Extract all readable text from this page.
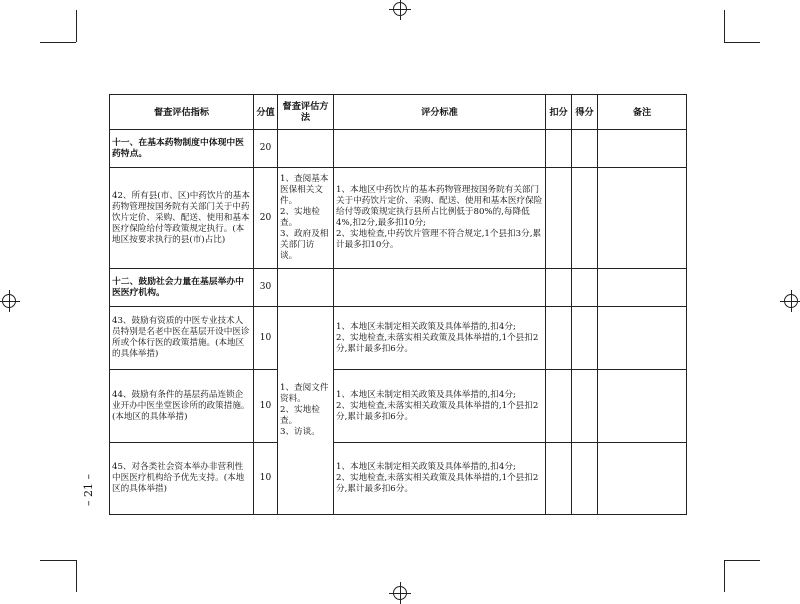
– 21 –
督查评估指标	分值	督查评估方法	评分标准	扣分	得分	备注
十一、在基本药物制度中体现中医药特点。	20					
42、所有县(市、区)中药饮片的基本药物管理按国务院有关部门关于中药饮片定价、采购、配送、使用和基本医疗保险给付等政策规定执行。(本地区按要求执行的县(市)占比)	20	1、查阅基本医保相关文件。
2、实地检查。
3、政府及相关部门访谈。	1、本地区中药饮片的基本药物管理按国务院有关部门关于中药饮片定价、采购、配送、使用和基本医疗保险给付等政策规定执行县所占比例低于80%的,每降低4%,扣2分,最多扣10分;
2、实地检查,中药饮片管理不符合规定,1个县扣3分,累计最多扣10分。			

十二、鼓励社会力量在基层举办中医医疗机构。	30					
43、鼓励有资质的中医专业技术人员特别是名老中医在基层开设中医诊所或个体行医的政策措施。(本地区的具体举措)	10	1、查阅文件资料。
2、实地检查。
3、访谈。	1、本地区未制定相关政策及具体举措的,扣4分;
2、实地检查,未落实相关政策及具体举措的,1个县扣2分,累计最多扣6分。			

44、鼓励有条件的基层药品连锁企业开办中医坐堂医诊所的政策措施。(本地区的具体举措)	10		1、本地区未制定相关政策及具体举措的,扣4分;
2、实地检查,未落实相关政策及具体举措的,1个县扣2分,累计最多扣6分。			

45、对各类社会资本举办非营利性中医医疗机构给予优先支持。(本地区的具体举措)	10		1、本地区未制定相关政策及具体举措的,扣4分;
2、实地检查,未落实相关政策及具体举措的,1个县扣2分,累计最多扣6分。			
